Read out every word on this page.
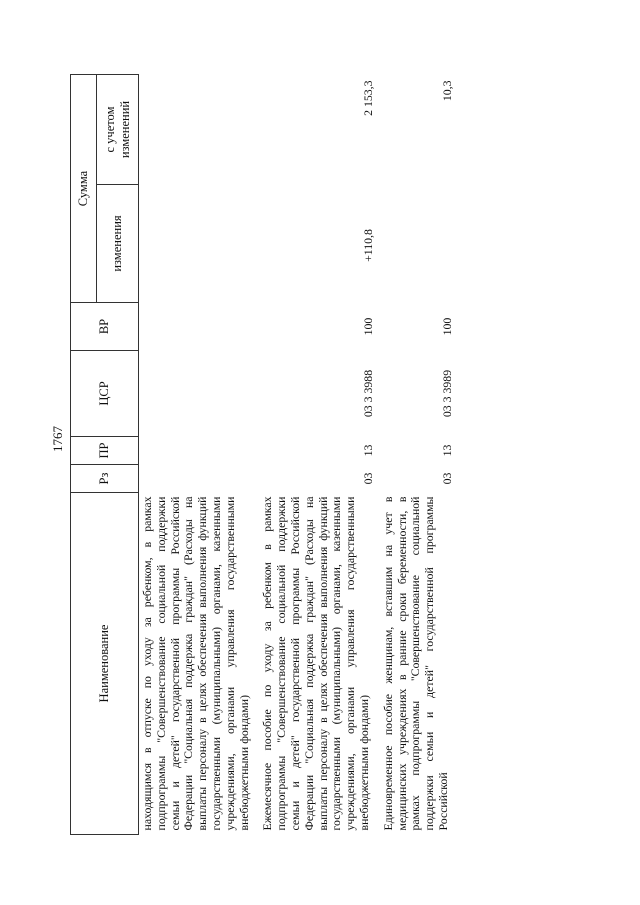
1767
Наименование	Рз	ПР	ЦСР	ВР	Сумма	
					изменения	с учетом изменений
находящимся в отпуске по уходу за ребенком, в рамках подпрограммы "Совершенствование социальной поддержки семьи и детей" государственной программы Российской Федерации "Социальная поддержка граждан" (Расходы на выплаты персоналу в целях обеспечения выполнения функций государственными (муниципальными) органами, казенными учреждениями, органами управления государственными внебюджетными фондами)						
Ежемесячное пособие по уходу за ребенком в рамках подпрограммы "Совершенствование социальной поддержки семьи и детей" государственной программы Российской Федерации "Социальная поддержка граждан" (Расходы на выплаты персоналу в целях обеспечения выполнения функций государственными (муниципальными) органами, казенными учреждениями, органами управления государственными внебюджетными фондами)	03	13	03 3 3988	100	+110,8	2 153,3
Единовременное пособие женщинам, вставшим на учет в медицинских учреждениях в ранние сроки беременности, в рамках подпрограммы "Совершенствование социальной поддержки семьи и детей" государственной программы Российской	03	13	03 3 3989	100		10,3
